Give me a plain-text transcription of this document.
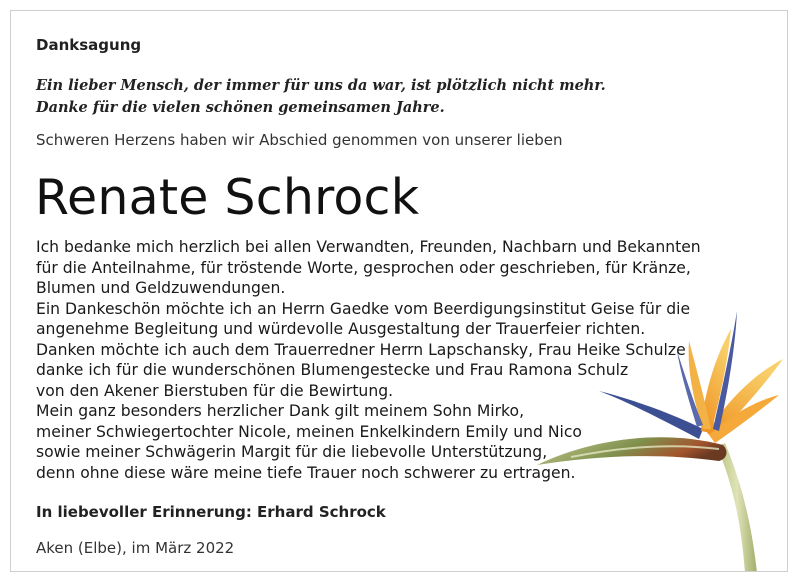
Danksagung

Ein lieber Mensch, der immer für uns da war, ist plötzlich nicht mehr.
Danke für die vielen schönen gemeinsamen Jahre.

Schweren Herzens haben wir Abschied genommen von unserer lieben

Renate Schrock

Ich bedanke mich herzlich bei allen Verwandten, Freunden, Nachbarn und Bekannten
für die Anteilnahme, für tröstende Worte, gesprochen oder geschrieben, für Kränze,
Blumen und Geldzuwendungen.
Ein Dankeschön möchte ich an Herrn Gaedke vom Beerdigungsinstitut Geise für die
angenehme Begleitung und würdevolle Ausgestaltung der Trauerfeier richten.
Danken möchte ich auch dem Trauerredner Herrn Lapschansky, Frau Heike Schulze
danke ich für die wunderschönen Blumengestecke und Frau Ramona Schulz
von den Akener Bierstuben für die Bewirtung.
Mein ganz besonders herzlicher Dank gilt meinem Sohn Mirko,
meiner Schwiegertochter Nicole, meinen Enkelkindern Emily und Nico
sowie meiner Schwägerin Margit für die liebevolle Unterstützung,
denn ohne diese wäre meine tiefe Trauer noch schwerer zu ertragen.

In liebevoller Erinnerung: Erhard Schrock

Aken (Elbe), im März 2022
